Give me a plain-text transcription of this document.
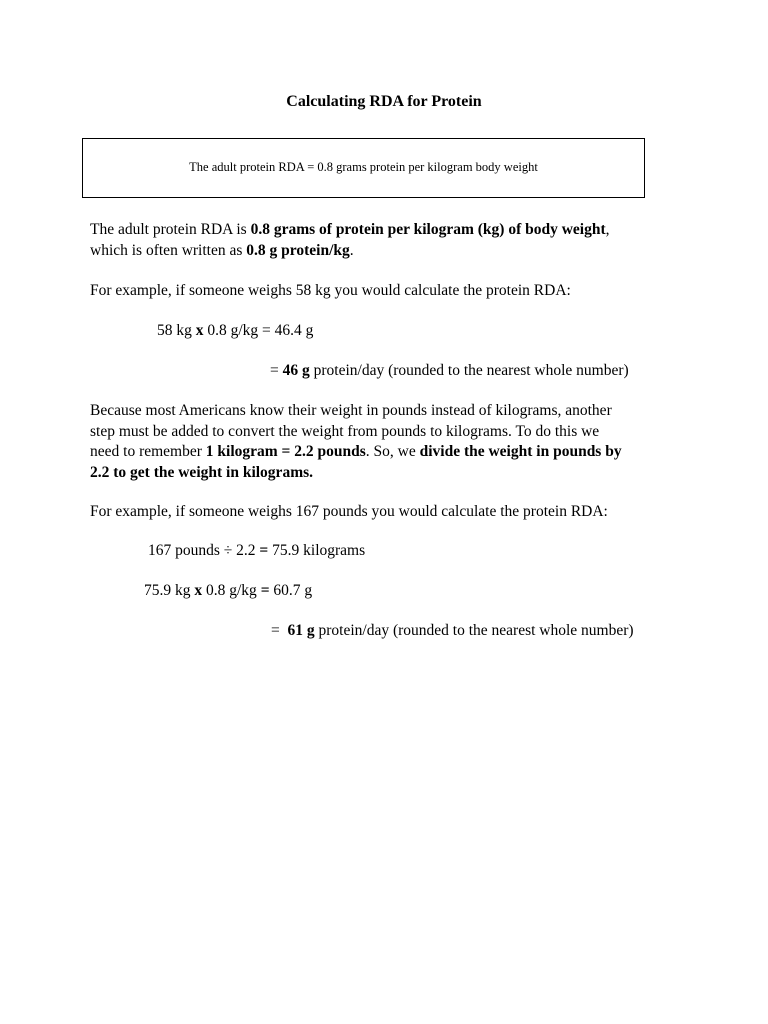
Calculating RDA for Protein
The adult protein RDA = 0.8 grams protein per kilogram body weight
The adult protein RDA is 0.8 grams of protein per kilogram (kg) of body weight,
which is often written as 0.8 g protein/kg.
For example, if someone weighs 58 kg you would calculate the protein RDA:
58 kg x 0.8 g/kg = 46.4 g
= 46 g protein/day (rounded to the nearest whole number)
Because most Americans know their weight in pounds instead of kilograms, another
step must be added to convert the weight from pounds to kilograms. To do this we
need to remember 1 kilogram = 2.2 pounds. So, we divide the weight in pounds by
2.2 to get the weight in kilograms.
For example, if someone weighs 167 pounds you would calculate the protein RDA:
167 pounds ÷ 2.2 = 75.9 kilograms
75.9 kg x 0.8 g/kg = 60.7 g
=  61 g protein/day (rounded to the nearest whole number)
